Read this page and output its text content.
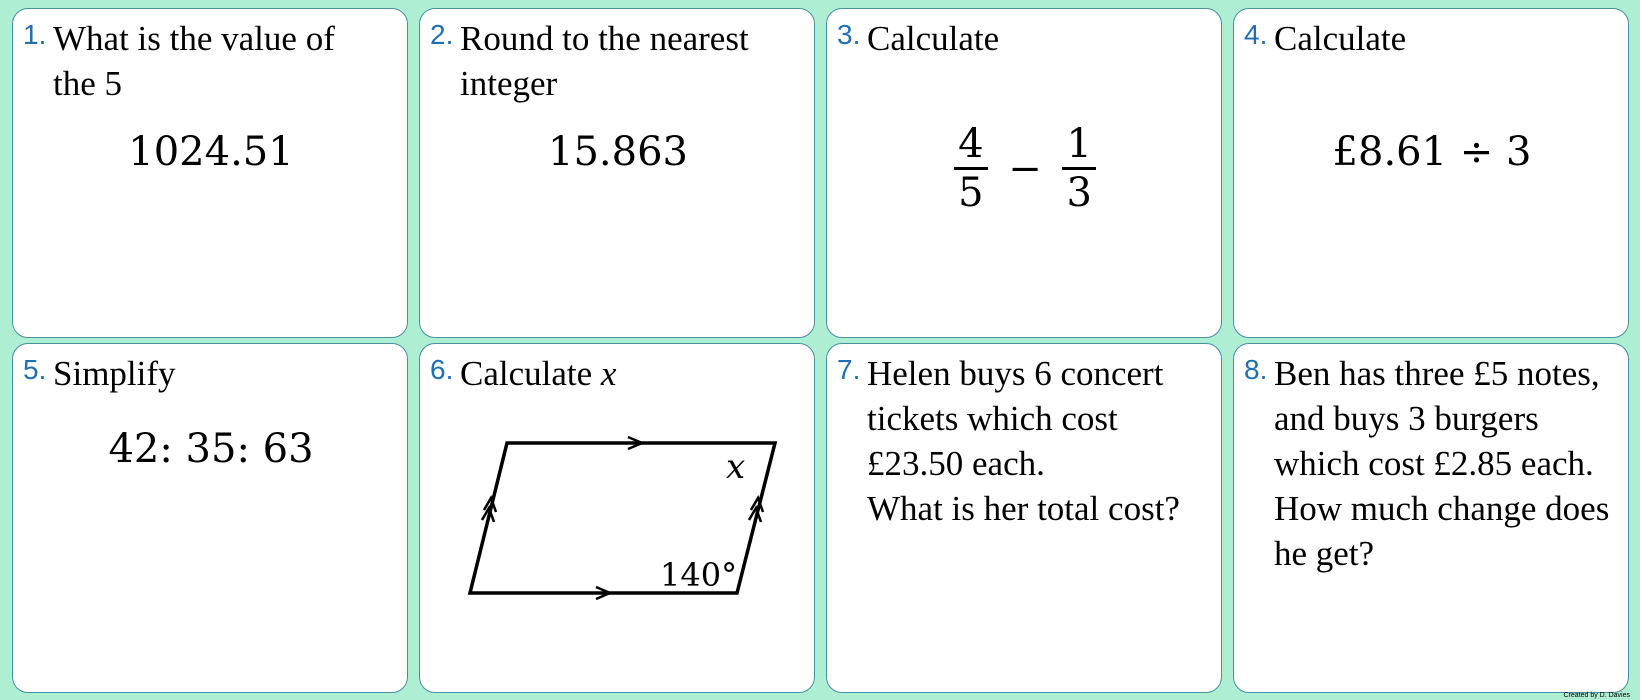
1. What is the value of
the 5
1024.51
2. Round to the nearest
integer
15.863
3. Calculate
$\frac{4}{5} - \frac{1}{3}$
4. Calculate
£8.61 ÷ 3
5. Simplify
42: 35: 63
6. Calculate x
x
140°
7. Helen buys 6 concert
tickets which cost
£23.50 each.
What is her total cost?
8. Ben has three £5 notes,
and buys 3 burgers
which cost £2.85 each.
How much change does
he get?
Created by D. Davies
